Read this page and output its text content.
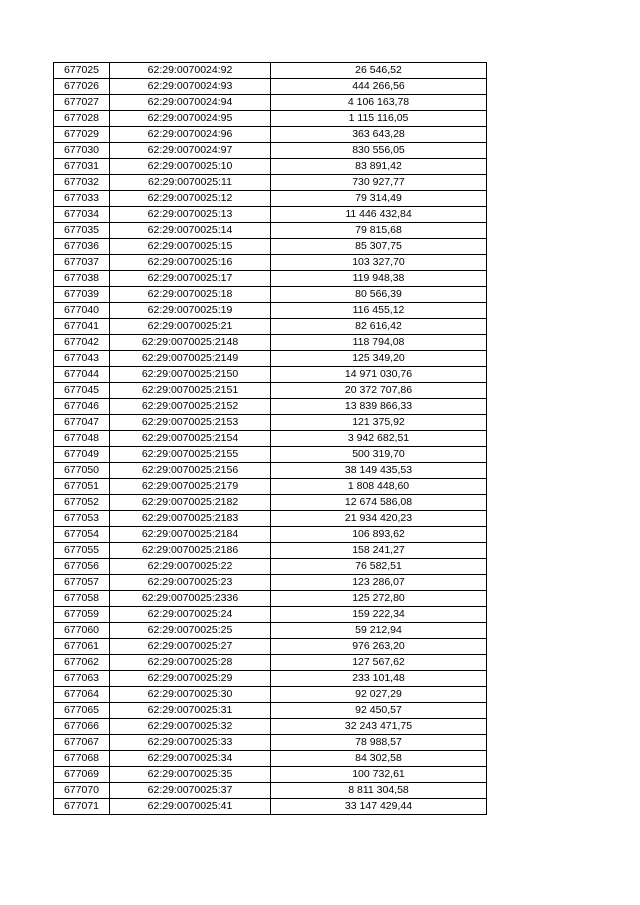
677025	62:29:0070024:92	26 546,52
677026	62:29:0070024:93	444 266,56
677027	62:29:0070024:94	4 106 163,78
677028	62:29:0070024:95	1 115 116,05
677029	62:29:0070024:96	363 643,28
677030	62:29:0070024:97	830 556,05
677031	62:29:0070025:10	83 891,42
677032	62:29:0070025:11	730 927,77
677033	62:29:0070025:12	79 314,49
677034	62:29:0070025:13	11 446 432,84
677035	62:29:0070025:14	79 815,68
677036	62:29:0070025:15	85 307,75
677037	62:29:0070025:16	103 327,70
677038	62:29:0070025:17	119 948,38
677039	62:29:0070025:18	80 566,39
677040	62:29:0070025:19	116 455,12
677041	62:29:0070025:21	82 616,42
677042	62:29:0070025:2148	118 794,08
677043	62:29:0070025:2149	125 349,20
677044	62:29:0070025:2150	14 971 030,76
677045	62:29:0070025:2151	20 372 707,86
677046	62:29:0070025:2152	13 839 866,33
677047	62:29:0070025:2153	121 375,92
677048	62:29:0070025:2154	3 942 682,51
677049	62:29:0070025:2155	500 319,70
677050	62:29:0070025:2156	38 149 435,53
677051	62:29:0070025:2179	1 808 448,60
677052	62:29:0070025:2182	12 674 586,08
677053	62:29:0070025:2183	21 934 420,23
677054	62:29:0070025:2184	106 893,62
677055	62:29:0070025:2186	158 241,27
677056	62:29:0070025:22	76 582,51
677057	62:29:0070025:23	123 286,07
677058	62:29:0070025:2336	125 272,80
677059	62:29:0070025:24	159 222,34
677060	62:29:0070025:25	59 212,94
677061	62:29:0070025:27	976 263,20
677062	62:29:0070025:28	127 567,62
677063	62:29:0070025:29	233 101,48
677064	62:29:0070025:30	92 027,29
677065	62:29:0070025:31	92 450,57
677066	62:29:0070025:32	32 243 471,75
677067	62:29:0070025:33	78 988,57
677068	62:29:0070025:34	84 302,58
677069	62:29:0070025:35	100 732,61
677070	62:29:0070025:37	8 811 304,58
677071	62:29:0070025:41	33 147 429,44
